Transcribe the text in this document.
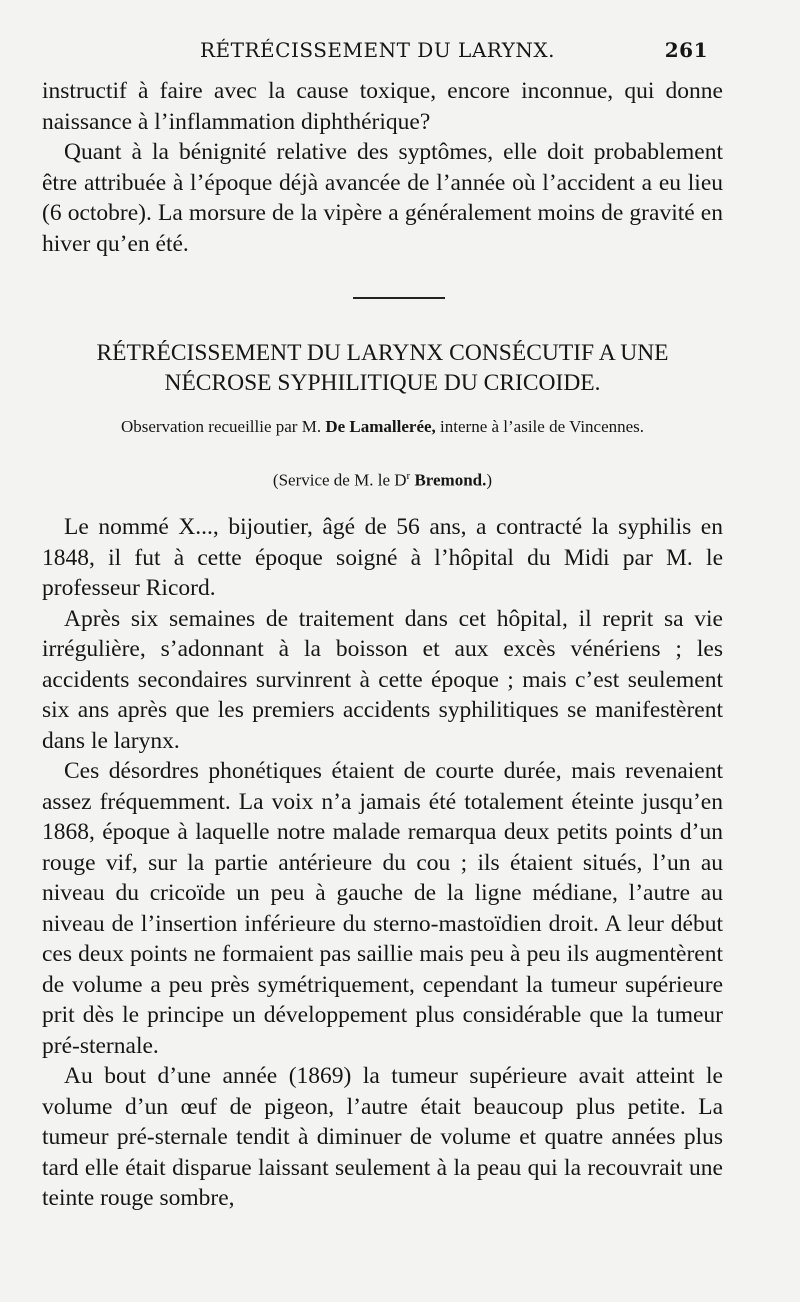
RÉTRÉCISSEMENT DU LARYNX.	261

instructif à faire avec la cause toxique, encore inconnue, qui donne naissance à l’inflammation diphthérique?

Quant à la bénignité relative des syptômes, elle doit probablement être attribuée à l’époque déjà avancée de l’année où l’accident a eu lieu (6 octobre). La morsure de la vipère a généralement moins de gravité en hiver qu’en été.

RÉTRÉCISSEMENT DU LARYNX CONSÉCUTIF A UNE
NÉCROSE SYPHILITIQUE DU CRICOIDE.
Observation recueillie par M. De Lamallerée, interne à l’asile de Vincennes.
(Service de M. le $D^r$ Bremond.)

Le nommé X..., bijoutier, âgé de 56 ans, a contracté la syphilis en 1848, il fut à cette époque soigné à l’hôpital du Midi par M. le professeur Ricord.

Après six semaines de traitement dans cet hôpital, il reprit sa vie irrégulière, s’adonnant à la boisson et aux excès vénériens ; les accidents secondaires survinrent à cette époque ; mais c’est seulement six ans après que les premiers accidents syphilitiques se manifestèrent dans le larynx.

Ces désordres phonétiques étaient de courte durée, mais revenaient assez fréquemment. La voix n’a jamais été totalement éteinte jusqu’en 1868, époque à laquelle notre malade remarqua deux petits points d’un rouge vif, sur la partie antérieure du cou ; ils étaient situés, l’un au niveau du cricoïde un peu à gauche de la ligne médiane, l’autre au niveau de l’insertion inférieure du sterno-mastoïdien droit. A leur début ces deux points ne formaient pas saillie mais peu à peu ils augmentèrent de volume a peu près symétriquement, cependant la tumeur supérieure prit dès le principe un développement plus considérable que la tumeur pré-sternale.

Au bout d’une année (1869) la tumeur supérieure avait atteint le volume d’un œuf de pigeon, l’autre était beaucoup plus petite. La tumeur pré-sternale tendit à diminuer de volume et quatre années plus tard elle était disparue laissant seulement à la peau qui la recouvrait une teinte rouge sombre,
